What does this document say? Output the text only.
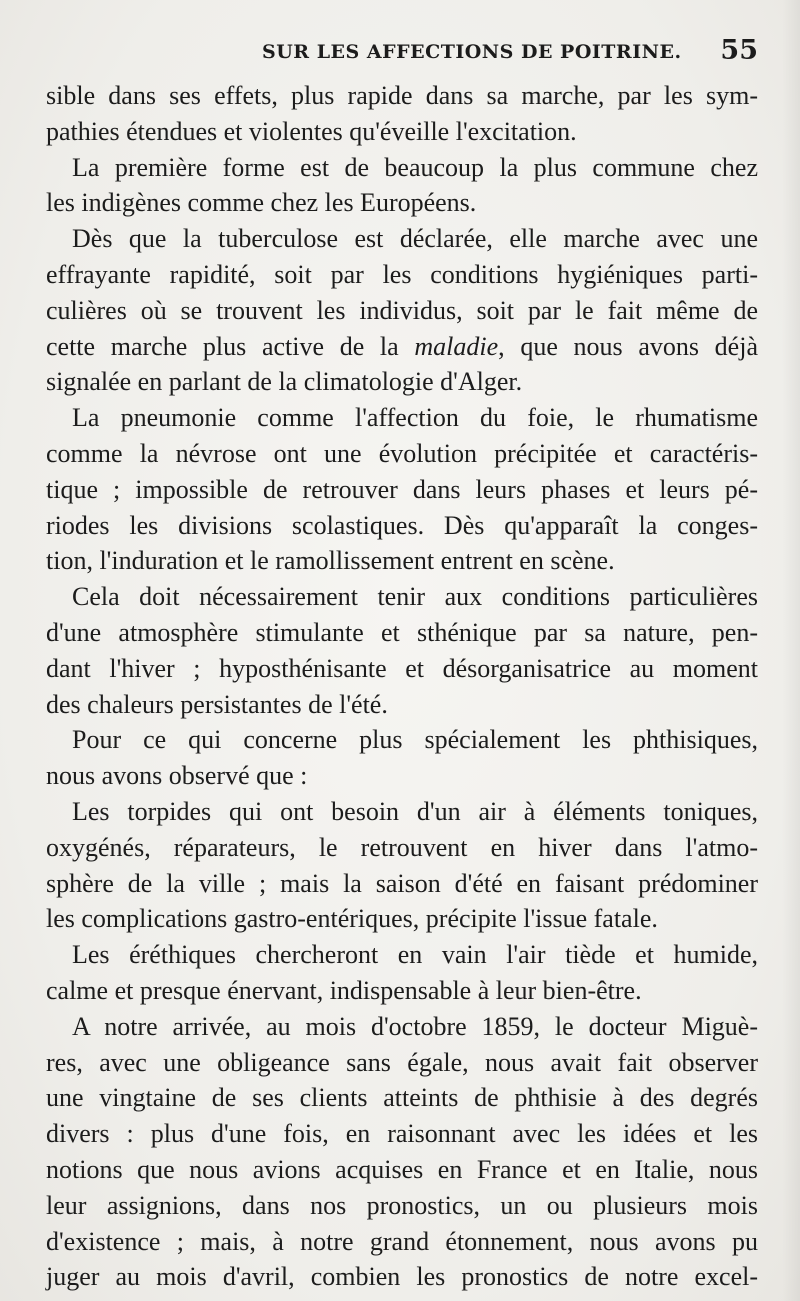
SUR LES AFFECTIONS DE POITRINE. 55
sible dans ses effets, plus rapide dans sa marche, par les sym-
pathies étendues et violentes qu'éveille l'excitation.
La première forme est de beaucoup la plus commune chez
les indigènes comme chez les Européens.
Dès que la tuberculose est déclarée, elle marche avec une
effrayante rapidité, soit par les conditions hygiéniques parti-
culières où se trouvent les individus, soit par le fait même de
cette marche plus active de la maladie, que nous avons déjà
signalée en parlant de la climatologie d'Alger.
La pneumonie comme l'affection du foie, le rhumatisme
comme la névrose ont une évolution précipitée et caractéris-
tique ; impossible de retrouver dans leurs phases et leurs pé-
riodes les divisions scolastiques. Dès qu'apparaît la conges-
tion, l'induration et le ramollissement entrent en scène.
Cela doit nécessairement tenir aux conditions particulières
d'une atmosphère stimulante et sthénique par sa nature, pen-
dant l'hiver ; hyposthénisante et désorganisatrice au moment
des chaleurs persistantes de l'été.
Pour ce qui concerne plus spécialement les phthisiques,
nous avons observé que :
Les torpides qui ont besoin d'un air à éléments toniques,
oxygénés, réparateurs, le retrouvent en hiver dans l'atmo-
sphère de la ville ; mais la saison d'été en faisant prédominer
les complications gastro-entériques, précipite l'issue fatale.
Les éréthiques chercheront en vain l'air tiède et humide,
calme et presque énervant, indispensable à leur bien-être.
A notre arrivée, au mois d'octobre 1859, le docteur Miguè-
res, avec une obligeance sans égale, nous avait fait observer
une vingtaine de ses clients atteints de phthisie à des degrés
divers : plus d'une fois, en raisonnant avec les idées et les
notions que nous avions acquises en France et en Italie, nous
leur assignions, dans nos pronostics, un ou plusieurs mois
d'existence ; mais, à notre grand étonnement, nous avons pu
juger au mois d'avril, combien les pronostics de notre excel-
